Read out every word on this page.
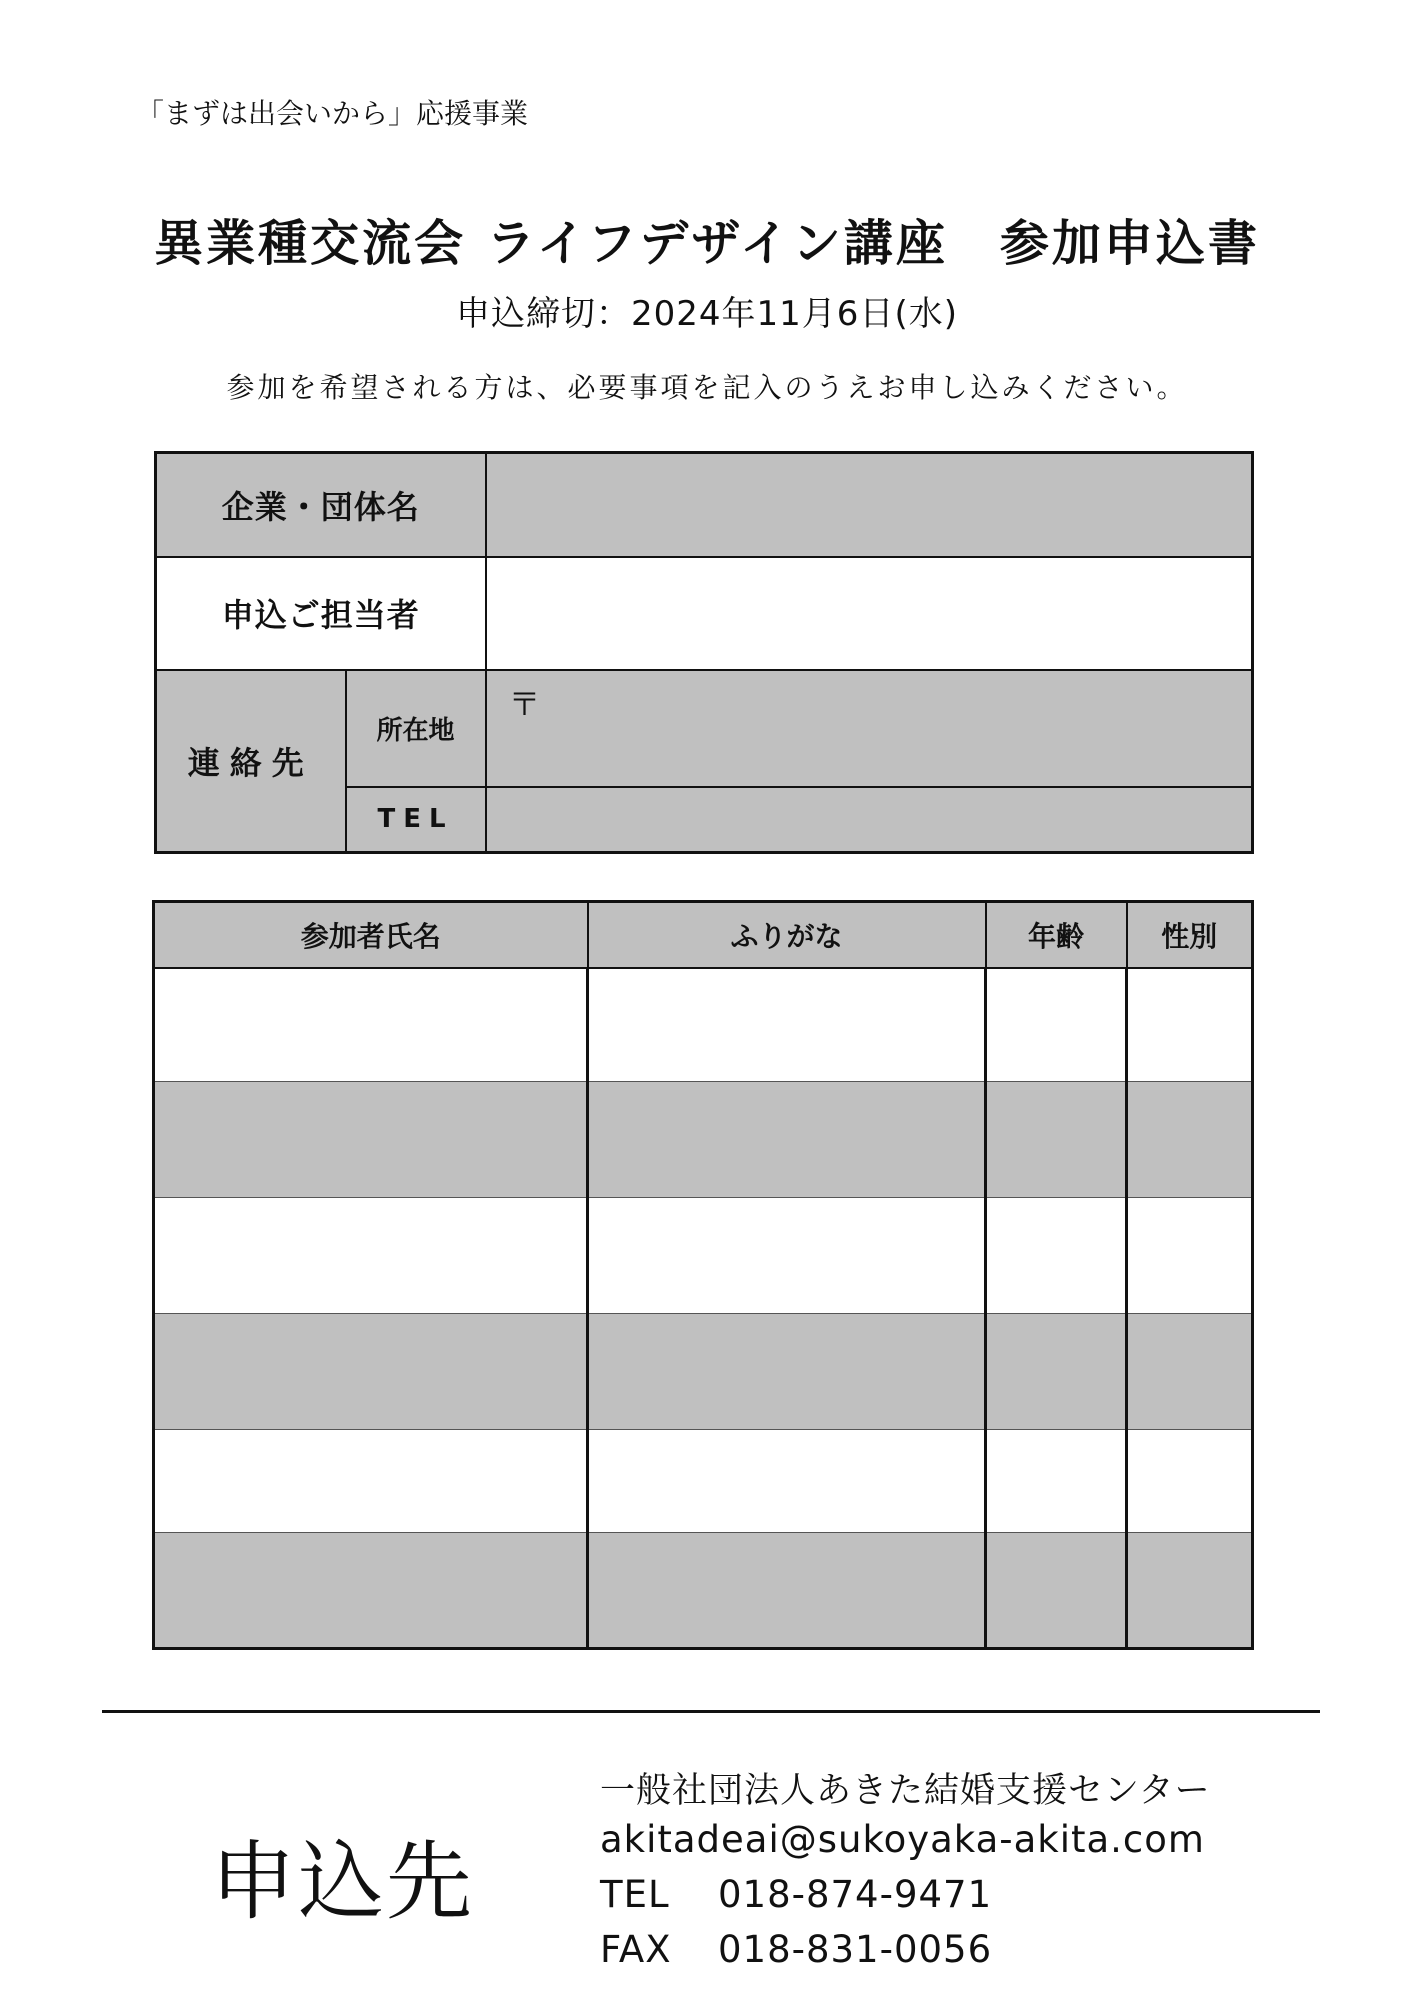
「まずは出会いから」応援事業
異業種交流会 ライフデザイン講座　参加申込書
申込締切：2024年11月6日(水)
参加を希望される方は、必要事項を記入のうえお申し込みください。
企業・団体名		
申込ご担当者		
連絡先	所在地	〒
	TEL	
参加者氏名	ふりがな	年齢	性別

申込先
一般社団法人あきた結婚支援センター
akitadeai@sukoyaka-akita.com
TEL 018-874-9471
FAX 018-831-0056
